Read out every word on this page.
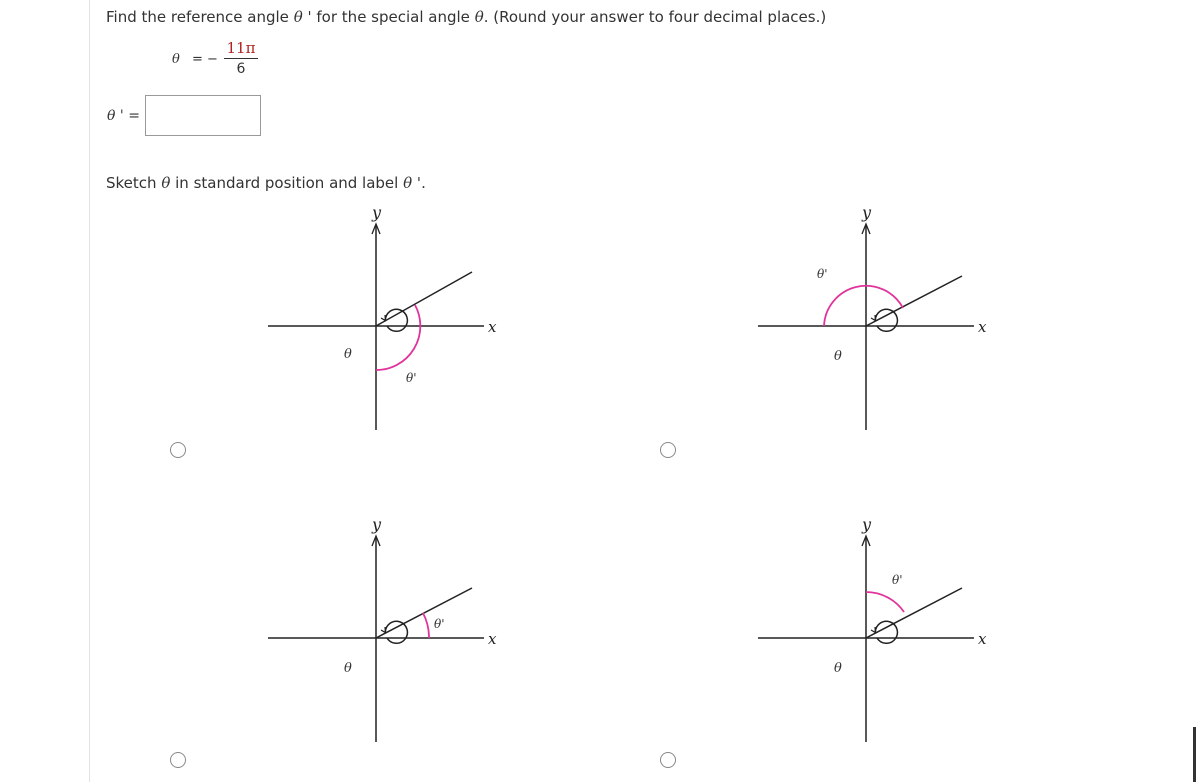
Find the reference angle θ ' for the special angle θ. (Round your answer to four decimal places.)
θ = −
11π
6
θ ' =
Sketch θ in standard position and label θ '.
y
x
θ
θ'
y
x
θ
θ'
y
x
θ
θ'
y
x
θ
θ'
